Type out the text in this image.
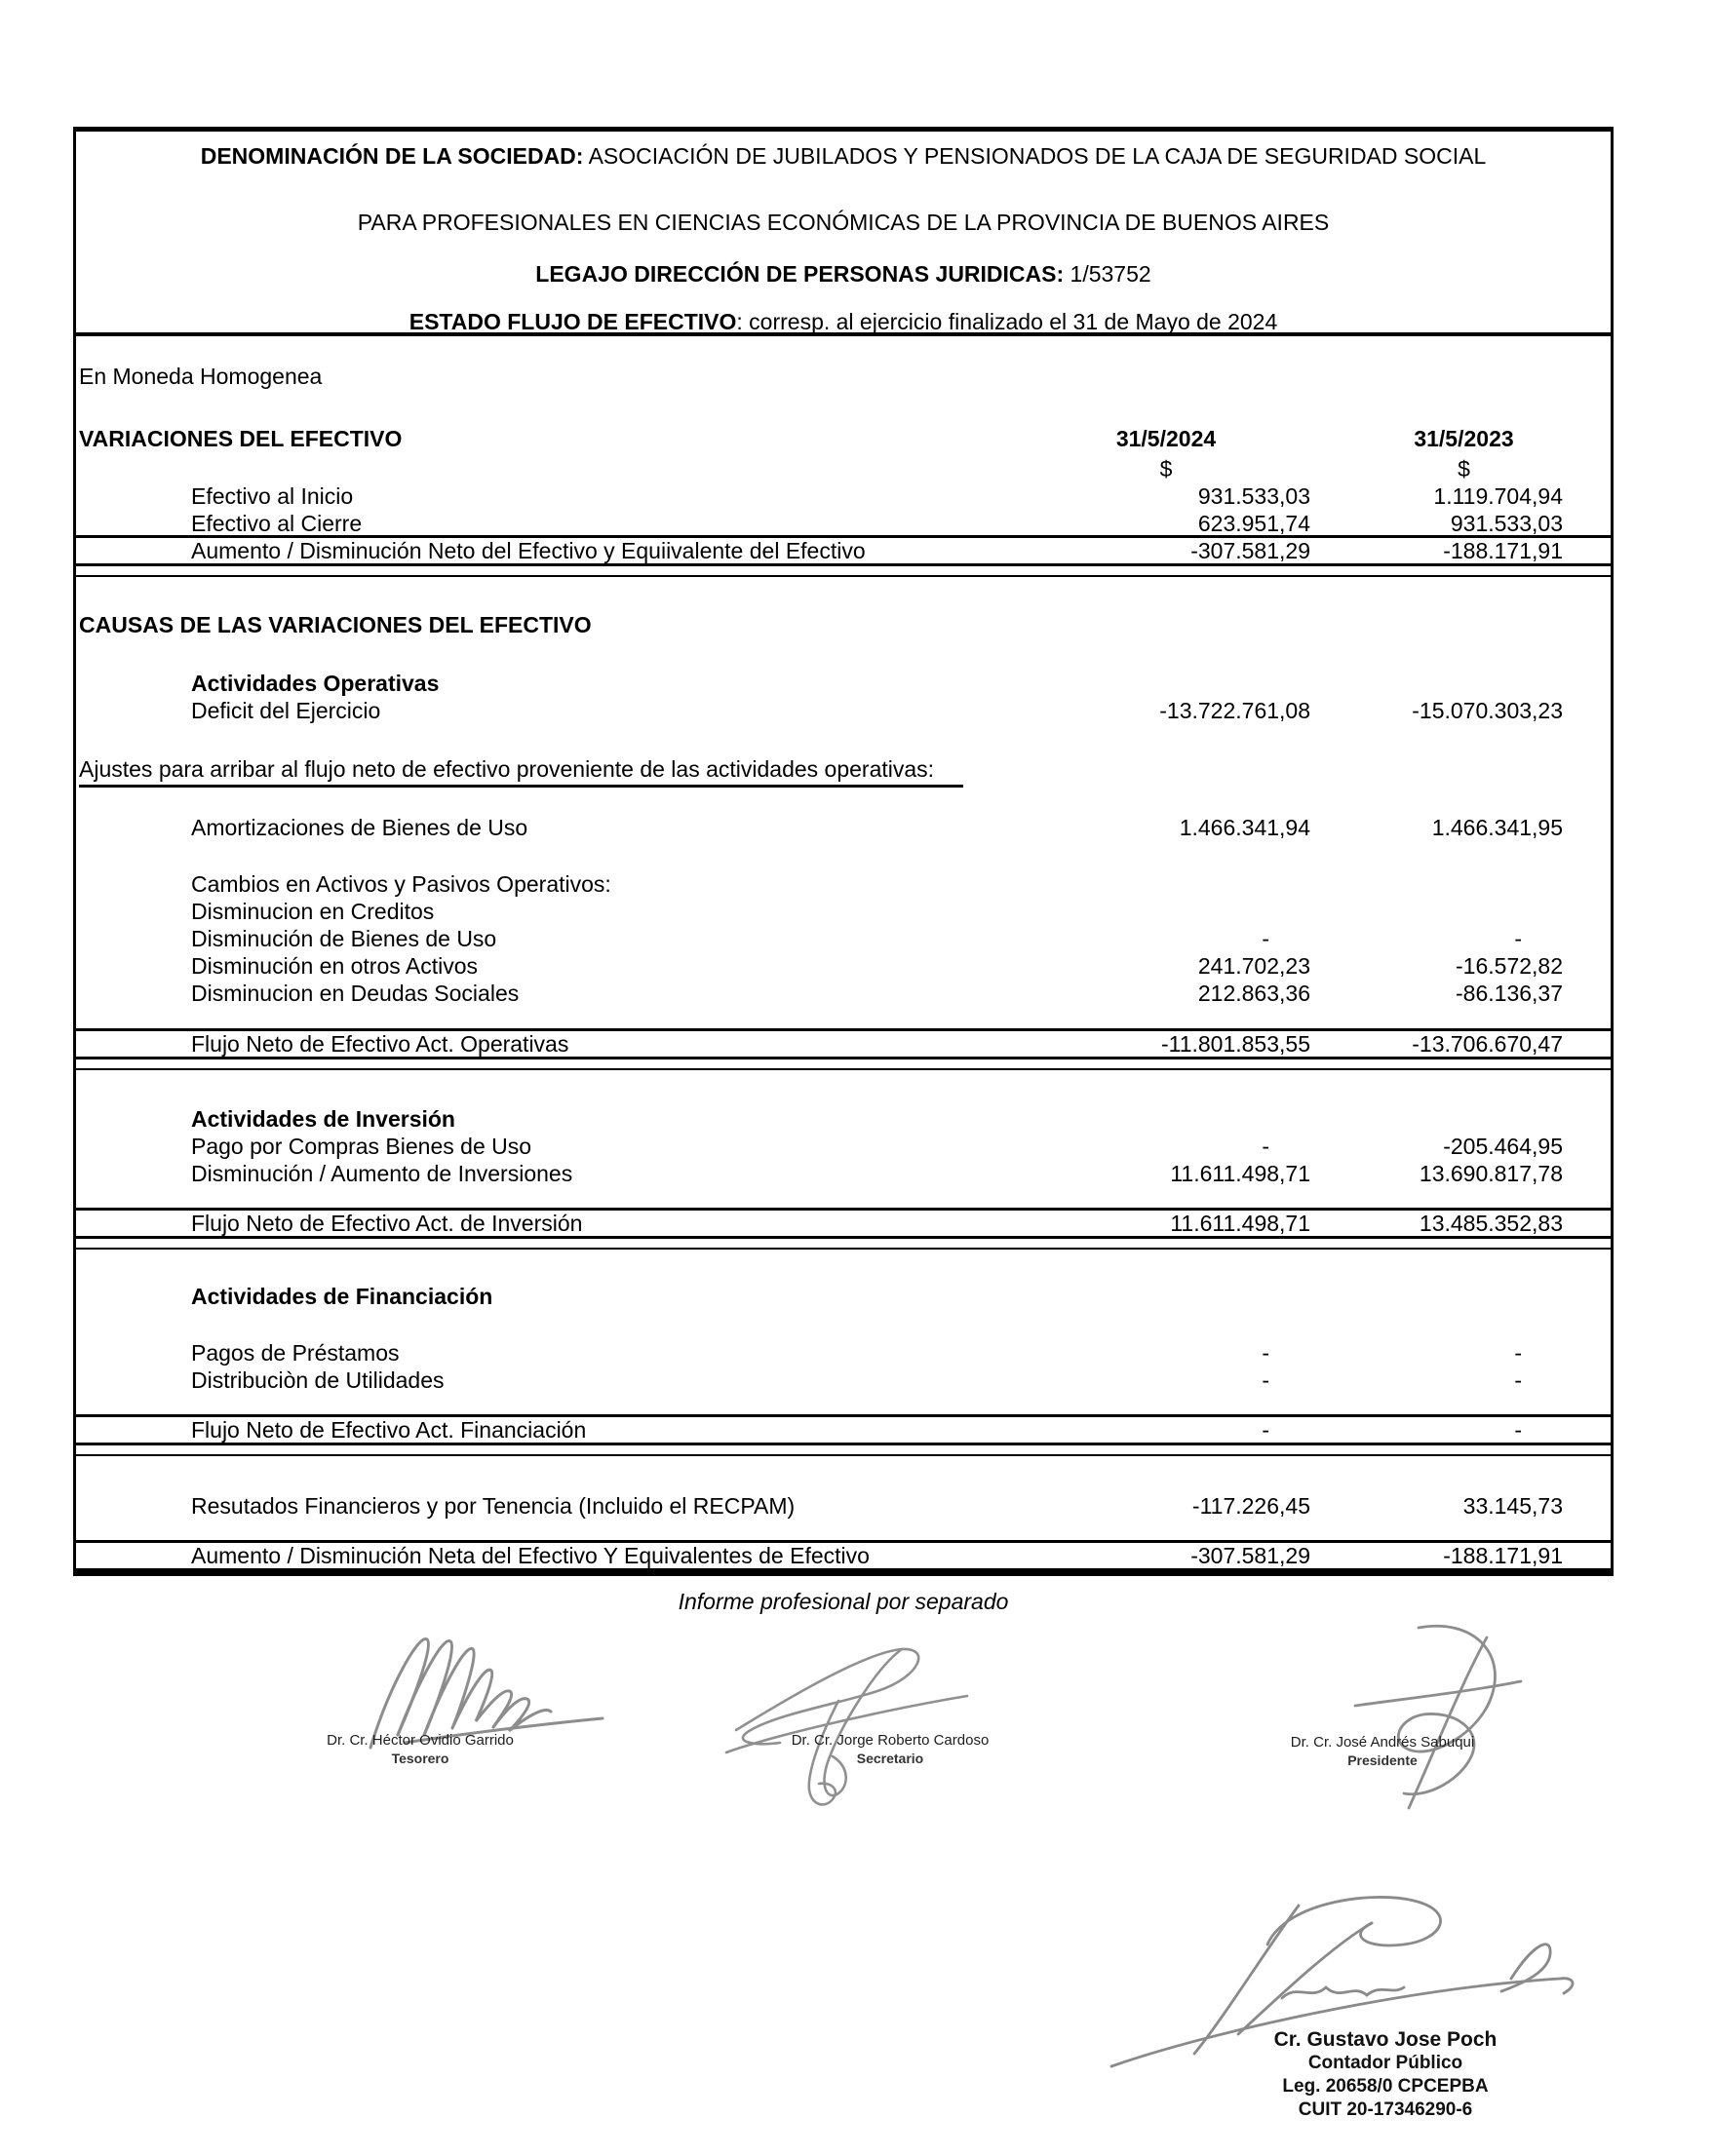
DENOMINACIÓN DE LA SOCIEDAD: ASOCIACIÓN DE JUBILADOS Y PENSIONADOS DE LA CAJA DE SEGURIDAD SOCIAL
PARA PROFESIONALES EN CIENCIAS ECONÓMICAS DE LA PROVINCIA DE BUENOS AIRES
LEGAJO DIRECCIÓN DE PERSONAS JURIDICAS: 1/53752
ESTADO FLUJO DE EFECTIVO: corresp. al ejercicio finalizado el 31 de Mayo de 2024
En Moneda Homogenea
VARIACIONES DEL EFECTIVO	31/5/2024	31/5/2023
$	$
Efectivo al Inicio	931.533,03	1.119.704,94
Efectivo al Cierre	623.951,74	931.533,03
Aumento / Disminución Neto del Efectivo y Equiivalente del Efectivo	-307.581,29	-188.171,91
CAUSAS DE LAS VARIACIONES DEL EFECTIVO
Actividades Operativas
Deficit del Ejercicio	-13.722.761,08	-15.070.303,23
Ajustes para arribar al flujo neto de efectivo proveniente de las actividades operativas:
Amortizaciones de Bienes de Uso	1.466.341,94	1.466.341,95
Cambios en Activos y Pasivos Operativos:
Disminucion en Creditos
Disminución de Bienes de Uso	-	-
Disminución en otros Activos	241.702,23	-16.572,82
Disminucion en Deudas Sociales	212.863,36	-86.136,37
Flujo Neto de Efectivo Act. Operativas	-11.801.853,55	-13.706.670,47
Actividades de Inversión
Pago por Compras Bienes de Uso	-	-205.464,95
Disminución / Aumento de Inversiones	11.611.498,71	13.690.817,78
Flujo Neto de Efectivo Act. de Inversión	11.611.498,71	13.485.352,83
Actividades de Financiación
Pagos de Préstamos	-	-
Distribuciòn de Utilidades	-	-
Flujo Neto de Efectivo Act. Financiación	-	-
Resutados Financieros y por Tenencia (Incluido el RECPAM)	-117.226,45	33.145,73
Aumento / Disminución Neta del Efectivo Y Equivalentes de Efectivo	-307.581,29	-188.171,91
Informe profesional por separado
Dr. Cr. Héctor Ovidio Garrido
Tesorero
Dr. Cr. Jorge Roberto Cardoso
Secretario
Dr. Cr. José Andrés Sabuqui
Presidente
Cr. Gustavo Jose Poch
Contador Público
Leg. 20658/0 CPCEPBA
CUIT 20-17346290-6
